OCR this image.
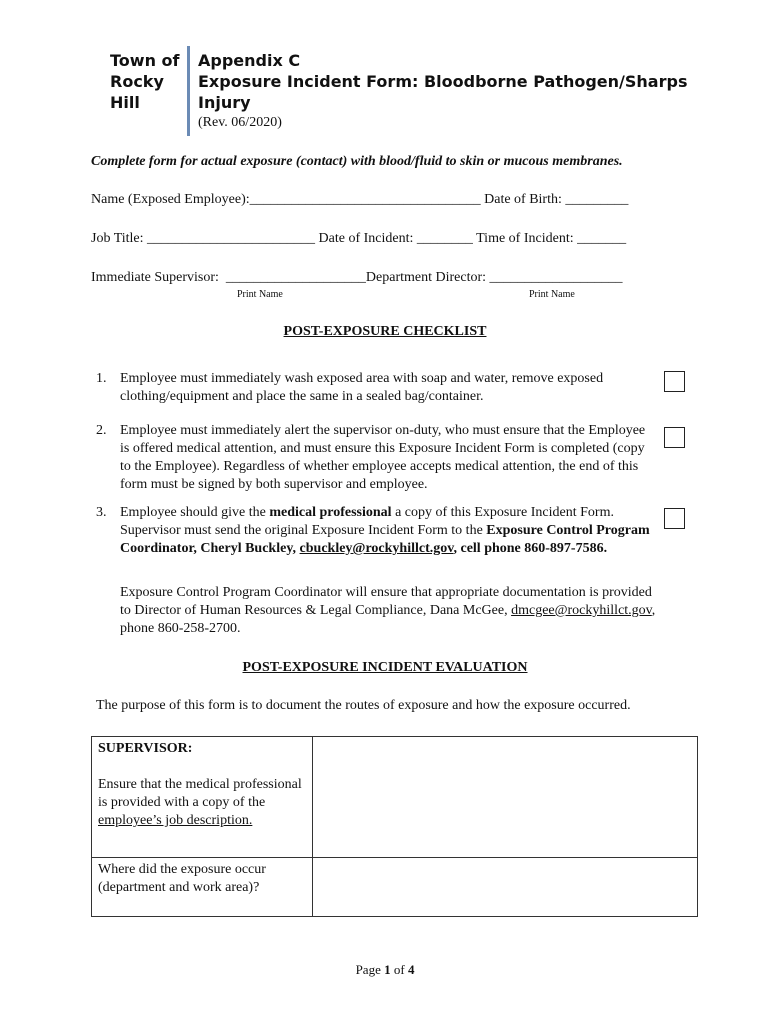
Town of
Rocky
Hill
Appendix C
Exposure Incident Form: Bloodborne Pathogen/Sharps
Injury
(Rev. 06/2020)
Complete form for actual exposure (contact) with blood/fluid to skin or mucous membranes.
Name (Exposed Employee):_________________________________ Date of Birth: _________
Job Title: ________________________ Date of Incident: ________ Time of Incident: _______
Immediate Supervisor:  ____________________Department Director: ___________________
Print Name	Print Name
POST-EXPOSURE CHECKLIST
1. Employee must immediately wash exposed area with soap and water, remove exposed clothing/equipment and place the same in a sealed bag/container.
2. Employee must immediately alert the supervisor on-duty, who must ensure that the Employee is offered medical attention, and must ensure this Exposure Incident Form is completed (copy to the Employee). Regardless of whether employee accepts medical attention, the end of this form must be signed by both supervisor and employee.
3. Employee should give the medical professional a copy of this Exposure Incident Form. Supervisor must send the original Exposure Incident Form to the Exposure Control Program Coordinator, Cheryl Buckley, cbuckley@rockyhillct.gov, cell phone 860-897-7586.
Exposure Control Program Coordinator will ensure that appropriate documentation is provided to Director of Human Resources & Legal Compliance, Dana McGee, dmcgee@rockyhillct.gov, phone 860-258-2700.
POST-EXPOSURE INCIDENT EVALUATION
The purpose of this form is to document the routes of exposure and how the exposure occurred.
SUPERVISOR:
Ensure that the medical professional is provided with a copy of the employee’s job description.	

Where did the exposure occur (department and work area)?	

Page 1 of 4
